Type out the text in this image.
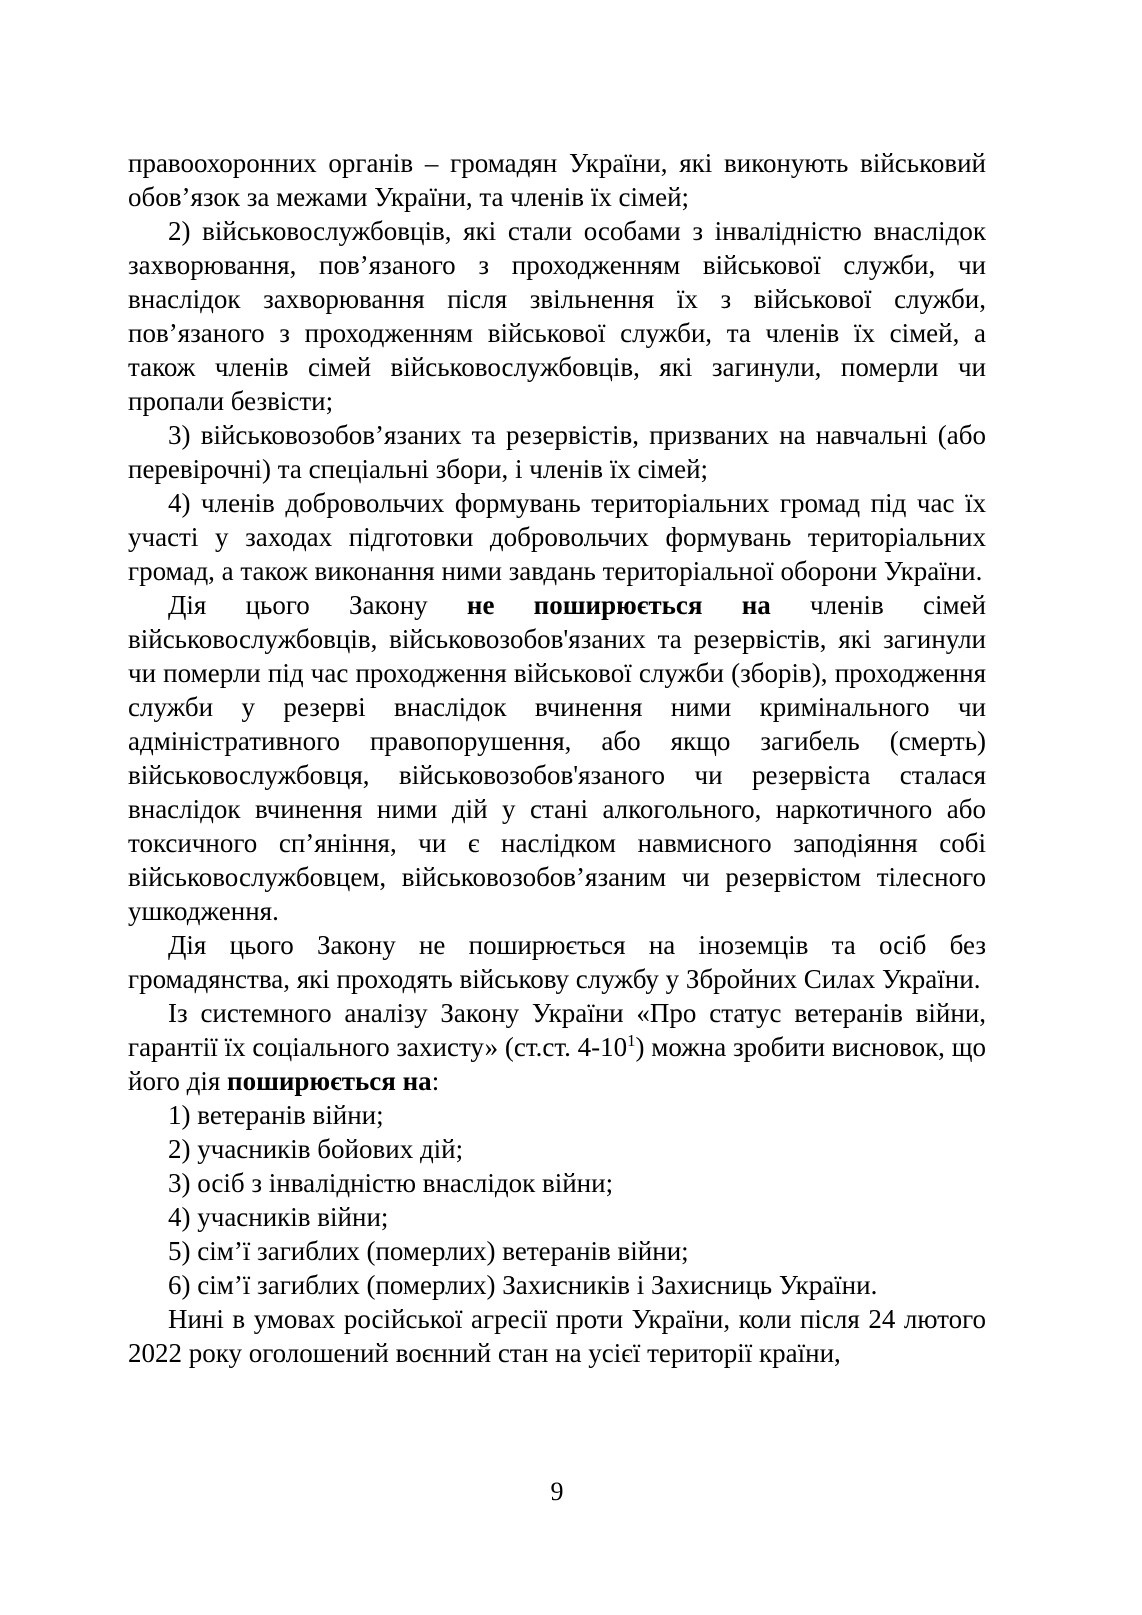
правоохоронних органів – громадян України, які виконують військовий обов’язок за межами України, та членів їх сімей;

2) військовослужбовців, які стали особами з інвалідністю внаслідок захворювання, пов’язаного з проходженням військової служби, чи внаслідок захворювання після звільнення їх з військової служби, пов’язаного з проходженням військової служби, та членів їх сімей, а також членів сімей військовослужбовців, які загинули, померли чи пропали безвісти;

3) військовозобов’язаних та резервістів, призваних на навчальні (або перевірочні) та спеціальні збори, і членів їх сімей;

4) членів добровольчих формувань територіальних громад під час їх участі у заходах підготовки добровольчих формувань територіальних громад, а також виконання ними завдань територіальної оборони України.

Дія цього Закону не поширюється на членів сімей військовослужбовців, військовозобов'язаних та резервістів, які загинули чи померли під час проходження військової служби (зборів), проходження служби у резерві внаслідок вчинення ними кримінального чи адміністративного правопорушення, або якщо загибель (смерть) військовослужбовця, військовозобов'язаного чи резервіста сталася внаслідок вчинення ними дій у стані алкогольного, наркотичного або токсичного сп’яніння, чи є наслідком навмисного заподіяння собі військовослужбовцем, військовозобов’язаним чи резервістом тілесного ушкодження.

Дія цього Закону не поширюється на іноземців та осіб без громадянства, які проходять військову службу у Збройних Силах України.

Із системного аналізу Закону України «Про статус ветеранів війни, гарантії їх соціального захисту» (ст.ст. $4-10^1$) можна зробити висновок, що його дія поширюється на:

1) ветеранів війни;

2) учасників бойових дій;

3) осіб з інвалідністю внаслідок війни;

4) учасників війни;

5) сім’ї загиблих (померлих) ветеранів війни;

6) сім’ї загиблих (померлих) Захисників і Захисниць України.

Нині в умовах російської агресії проти України, коли після 24 лютого 2022 року оголошений воєнний стан на усієї території країни,

9
